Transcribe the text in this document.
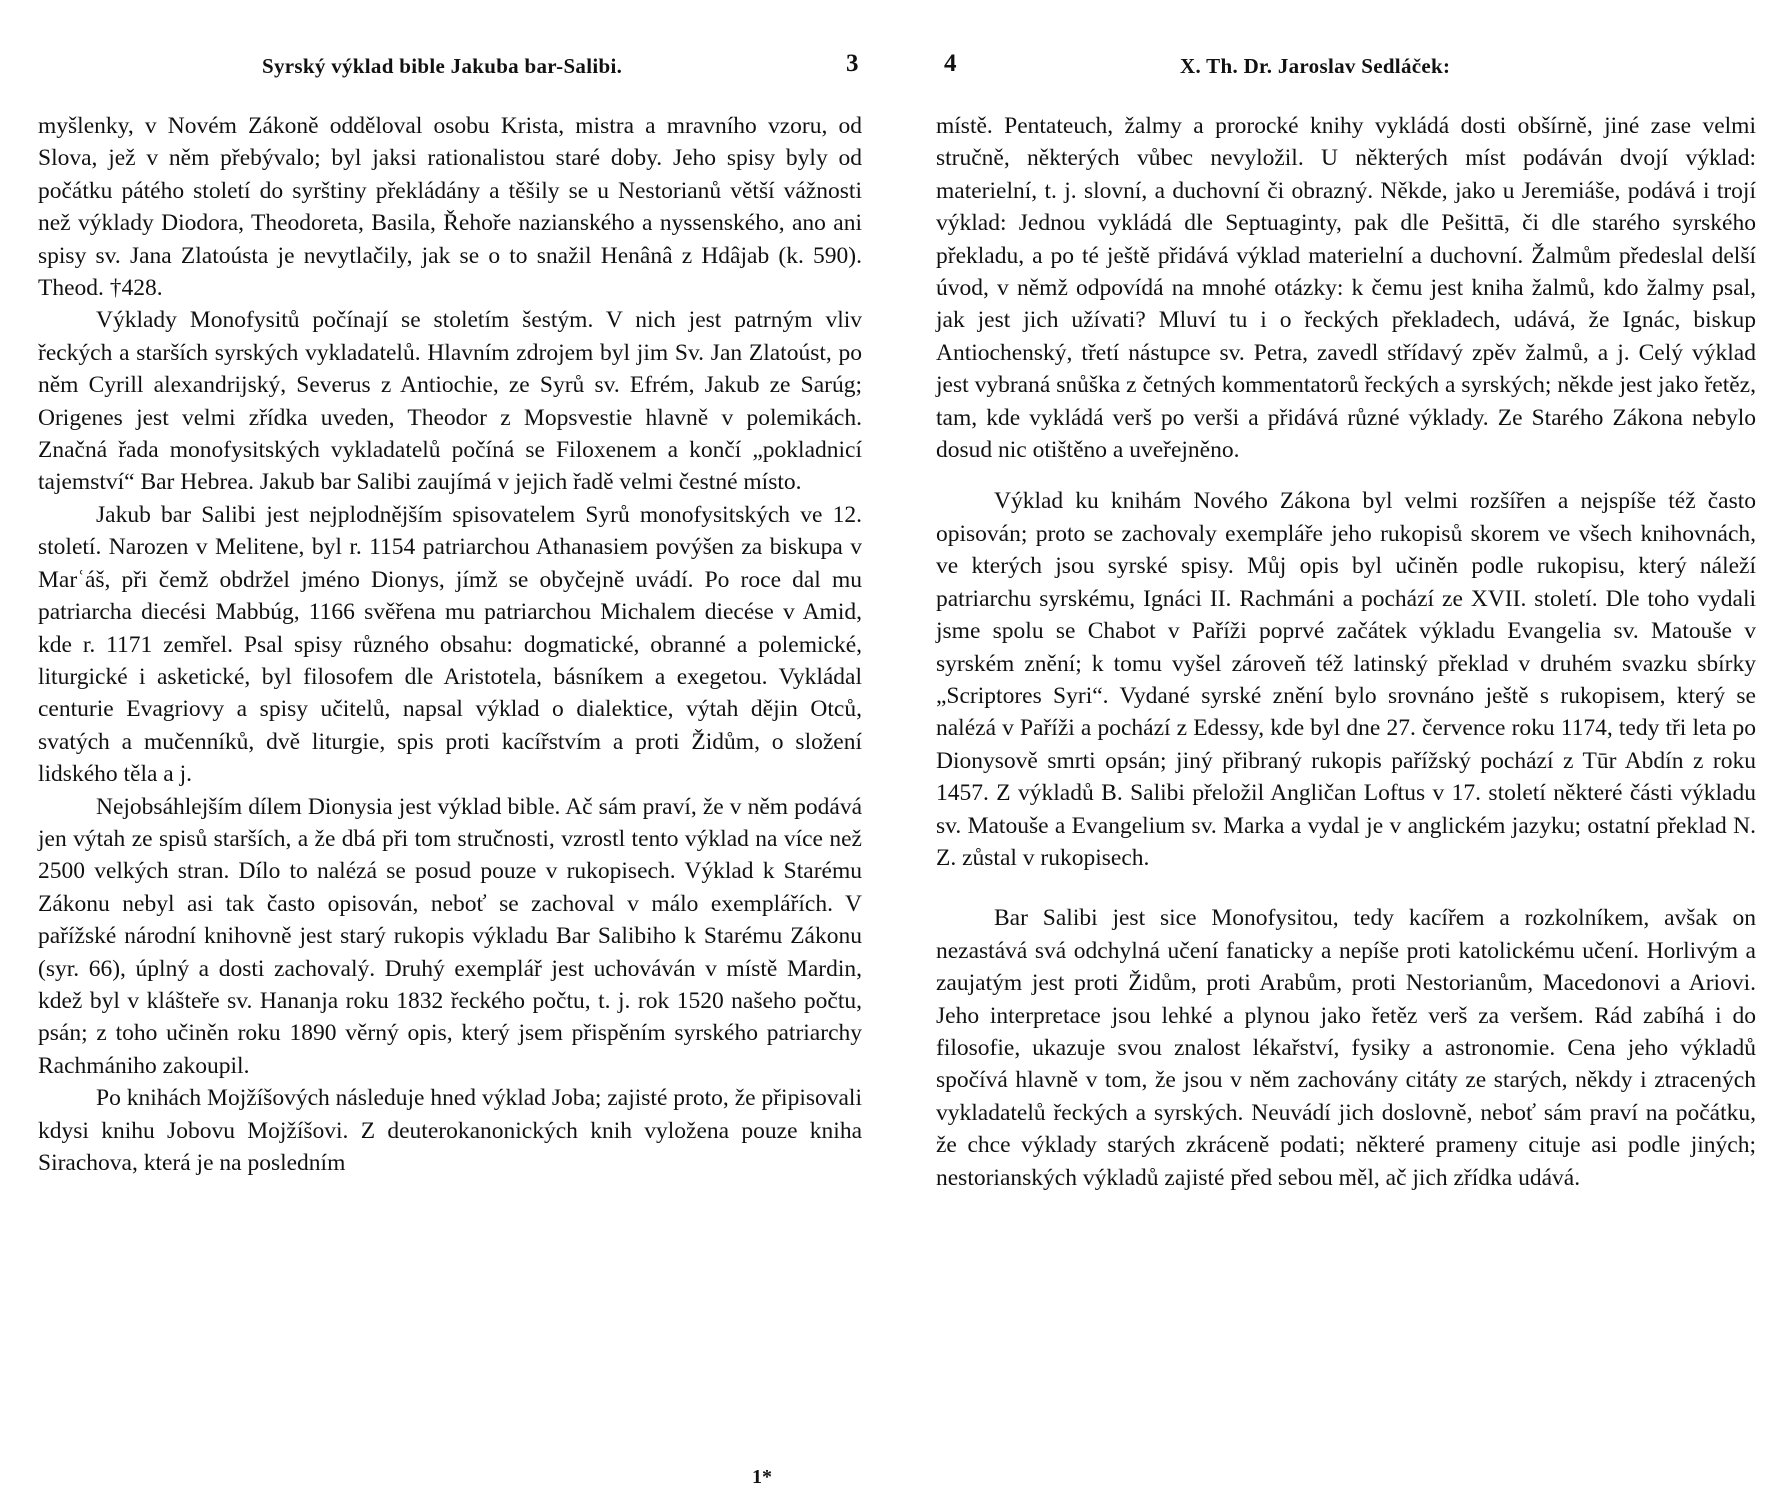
Syrský výklad bible Jakuba bar-Salibi.	3

myšlenky, v Novém Zákoně odděloval osobu Krista, mistra a mravního vzoru, od Slova, jež v něm přebývalo; byl jaksi rationalistou staré doby. Jeho spisy byly od počátku pátého století do syrštiny překládány a těšily se u Nestorianů větší vážnosti než výklady Diodora, Theodoreta, Basila, Řehoře nazianského a nyssenského, ano ani spisy sv. Jana Zlatoústa je nevytlačily, jak se o to snažil Henânâ z Hdâjab (k. 590). Theod. †428.

Výklady Monofysitů počínají se stoletím šestým. V nich jest patrným vliv řeckých a starších syrských vykladatelů. Hlavním zdrojem byl jim Sv. Jan Zlatoúst, po něm Cyrill alexandrijský, Severus z Antiochie, ze Syrů sv. Efrém, Jakub ze Sarúg; Origenes jest velmi zřídka uveden, Theodor z Mopsvestie hlavně v polemikách. Značná řada monofysitských vykladatelů počíná se Filoxenem a končí „pokladnicí tajemství“ Bar Hebrea. Jakub bar Salibi zaujímá v jejich řadě velmi čestné místo.

Jakub bar Salibi jest nejplodnějším spisovatelem Syrů monofysitských ve 12. století. Narozen v Melitene, byl r. 1154 patriarchou Athanasiem povýšen za biskupa v Marʿáš, při čemž obdržel jméno Dionys, jímž se obyčejně uvádí. Po roce dal mu patriarcha diecési Mabbúg, 1166 svěřena mu patriarchou Michalem diecése v Amid, kde r. 1171 zemřel. Psal spisy různého obsahu: dogmatické, obranné a polemické, liturgické i asketické, byl filosofem dle Aristotela, básníkem a exegetou. Vykládal centurie Evagriovy a spisy učitelů, napsal výklad o dialektice, výtah dějin Otců, svatých a mučenníků, dvě liturgie, spis proti kacířstvím a proti Židům, o složení lidského těla a j.

Nejobsáhlejším dílem Dionysia jest výklad bible. Ač sám praví, že v něm podává jen výtah ze spisů starších, a že dbá při tom stručnosti, vzrostl tento výklad na více než 2500 velkých stran. Dílo to nalézá se posud pouze v rukopisech. Výklad k Starému Zákonu nebyl asi tak často opisován, neboť se zachoval v málo exemplářích. V pařížské národní knihovně jest starý rukopis výkladu Bar Salibiho k Starému Zákonu (syr. 66), úplný a dosti zachovalý. Druhý exemplář jest uchováván v místě Mardin, kdež byl v klášteře sv. Hananja roku 1832 řeckého počtu, t. j. rok 1520 našeho počtu, psán; z toho učiněn roku 1890 věrný opis, který jsem přispěním syrského patriarchy Rachmániho zakoupil.

Po knihách Mojžíšových následuje hned výklad Joba; zajisté proto, že připisovali kdysi knihu Jobovu Mojžíšovi. Z deuterokanonických knih vyložena pouze kniha Sirachova, která je na posledním

1*
4	X. Th. Dr. Jaroslav Sedláček:

místě. Pentateuch, žalmy a prorocké knihy vykládá dosti obšírně, jiné zase velmi stručně, některých vůbec nevyložil. U některých míst podáván dvojí výklad: materielní, t. j. slovní, a duchovní či obrazný. Někde, jako u Jeremiáše, podává i trojí výklad: Jednou vykládá dle Septuaginty, pak dle Pešittā, či dle starého syrského překladu, a po té ještě přidává výklad materielní a duchovní. Žalmům předeslal delší úvod, v němž odpovídá na mnohé otázky: k čemu jest kniha žalmů, kdo žalmy psal, jak jest jich užívati? Mluví tu i o řeckých překladech, udává, že Ignác, biskup Antiochenský, třetí nástupce sv. Petra, zavedl střídavý zpěv žalmů, a j. Celý výklad jest vybraná snůška z četných kommentatorů řeckých a syrských; někde jest jako řetěz, tam, kde vykládá verš po verši a přidává různé výklady. Ze Starého Zákona nebylo dosud nic otištěno a uveřejněno.

Výklad ku knihám Nového Zákona byl velmi rozšířen a nejspíše též často opisován; proto se zachovaly exempláře jeho rukopisů skorem ve všech knihovnách, ve kterých jsou syrské spisy. Můj opis byl učiněn podle rukopisu, který náleží patriarchu syrskému, Ignáci II. Rachmáni a pochází ze XVII. století. Dle toho vydali jsme spolu se Chabot v Paříži poprvé začátek výkladu Evangelia sv. Matouše v syrském znění; k tomu vyšel zároveň též latinský překlad v druhém svazku sbírky „Scriptores Syri“. Vydané syrské znění bylo srovnáno ještě s rukopisem, který se nalézá v Paříži a pochází z Edessy, kde byl dne 27. července roku 1174, tedy tři leta po Dionysově smrti opsán; jiný přibraný rukopis pařížský pochází z Tūr Abdín z roku 1457. Z výkladů B. Salibi přeložil Angličan Loftus v 17. století některé části výkladu sv. Matouše a Evangelium sv. Marka a vydal je v anglickém jazyku; ostatní překlad N. Z. zůstal v rukopisech.

Bar Salibi jest sice Monofysitou, tedy kacířem a rozkolníkem, avšak on nezastává svá odchylná učení fanaticky a nepíše proti katolickému učení. Horlivým a zaujatým jest proti Židům, proti Arabům, proti Nestorianům, Macedonovi a Ariovi. Jeho interpretace jsou lehké a plynou jako řetěz verš za veršem. Rád zabíhá i do filosofie, ukazuje svou znalost lékařství, fysiky a astronomie. Cena jeho výkladů spočívá hlavně v tom, že jsou v něm zachovány citáty ze starých, někdy i ztracených vykladatelů řeckých a syrských. Neuvádí jich doslovně, neboť sám praví na počátku, že chce výklady starých zkráceně podati; některé prameny cituje asi podle jiných; nestorianských výkladů zajisté před sebou měl, ač jich zřídka udává.
